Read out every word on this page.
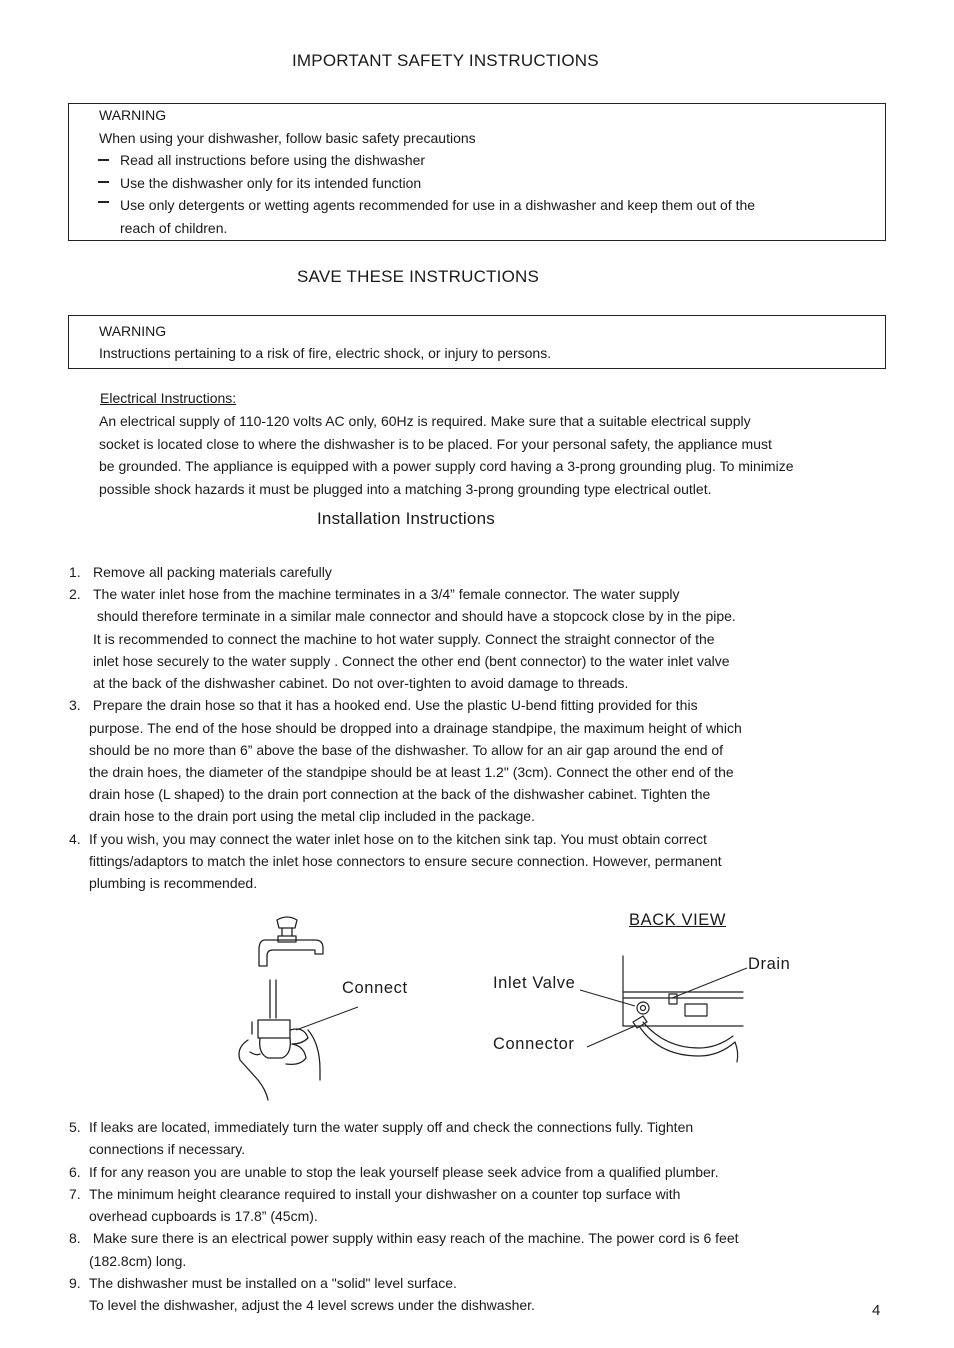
IMPORTANT SAFETY INSTRUCTIONS
WARNING
When using your dishwasher, follow basic safety precautions
Read all instructions before using the dishwasher
Use the dishwasher only for its intended function
Use only detergents or wetting agents recommended for use in a dishwasher and keep them out of the
reach of children.
SAVE THESE INSTRUCTIONS
WARNING
Instructions pertaining to a risk of fire, electric shock, or injury to persons.
Electrical Instructions:
An electrical supply of 110-120 volts AC only, 60Hz is required. Make sure that a suitable electrical supply
socket is located close to where the dishwasher is to be placed. For your personal safety, the appliance must
be grounded. The appliance is equipped with a power supply cord having a 3-prong grounding plug. To minimize
possible shock hazards it must be plugged into a matching 3-prong grounding type electrical outlet.
Installation Instructions
1. Remove all packing materials carefully
2. The water inlet hose from the machine terminates in a 3/4” female connector. The water supply
should therefore terminate in a similar male connector and should have a stopcock close by in the pipe.
It is recommended to connect the machine to hot water supply. Connect the straight connector of the
inlet hose securely to the water supply . Connect the other end (bent connector) to the water inlet valve
at the back of the dishwasher cabinet. Do not over-tighten to avoid damage to threads.
3. Prepare the drain hose so that it has a hooked end. Use the plastic U-bend fitting provided for this
purpose. The end of the hose should be dropped into a drainage standpipe, the maximum height of which
should be no more than 6” above the base of the dishwasher. To allow for an air gap around the end of
the drain hoes, the diameter of the standpipe should be at least 1.2" (3cm). Connect the other end of the
drain hose (L shaped) to the drain port connection at the back of the dishwasher cabinet. Tighten the
drain hose to the drain port using the metal clip included in the package.
4. If you wish, you may connect the water inlet hose on to the kitchen sink tap. You must obtain correct
fittings/adaptors to match the inlet hose connectors to ensure secure connection. However, permanent
plumbing is recommended.
Connect
BACK VIEW
Drain
Inlet Valve
Connector
5. If leaks are located, immediately turn the water supply off and check the connections fully. Tighten
connections if necessary.
6. If for any reason you are unable to stop the leak yourself please seek advice from a qualified plumber.
7. The minimum height clearance required to install your dishwasher on a counter top surface with
overhead cupboards is 17.8” (45cm).
8. Make sure there is an electrical power supply within easy reach of the machine. The power cord is 6 feet
(182.8cm) long.
9. The dishwasher must be installed on a "solid" level surface.
To level the dishwasher, adjust the 4 level screws under the dishwasher.	4
